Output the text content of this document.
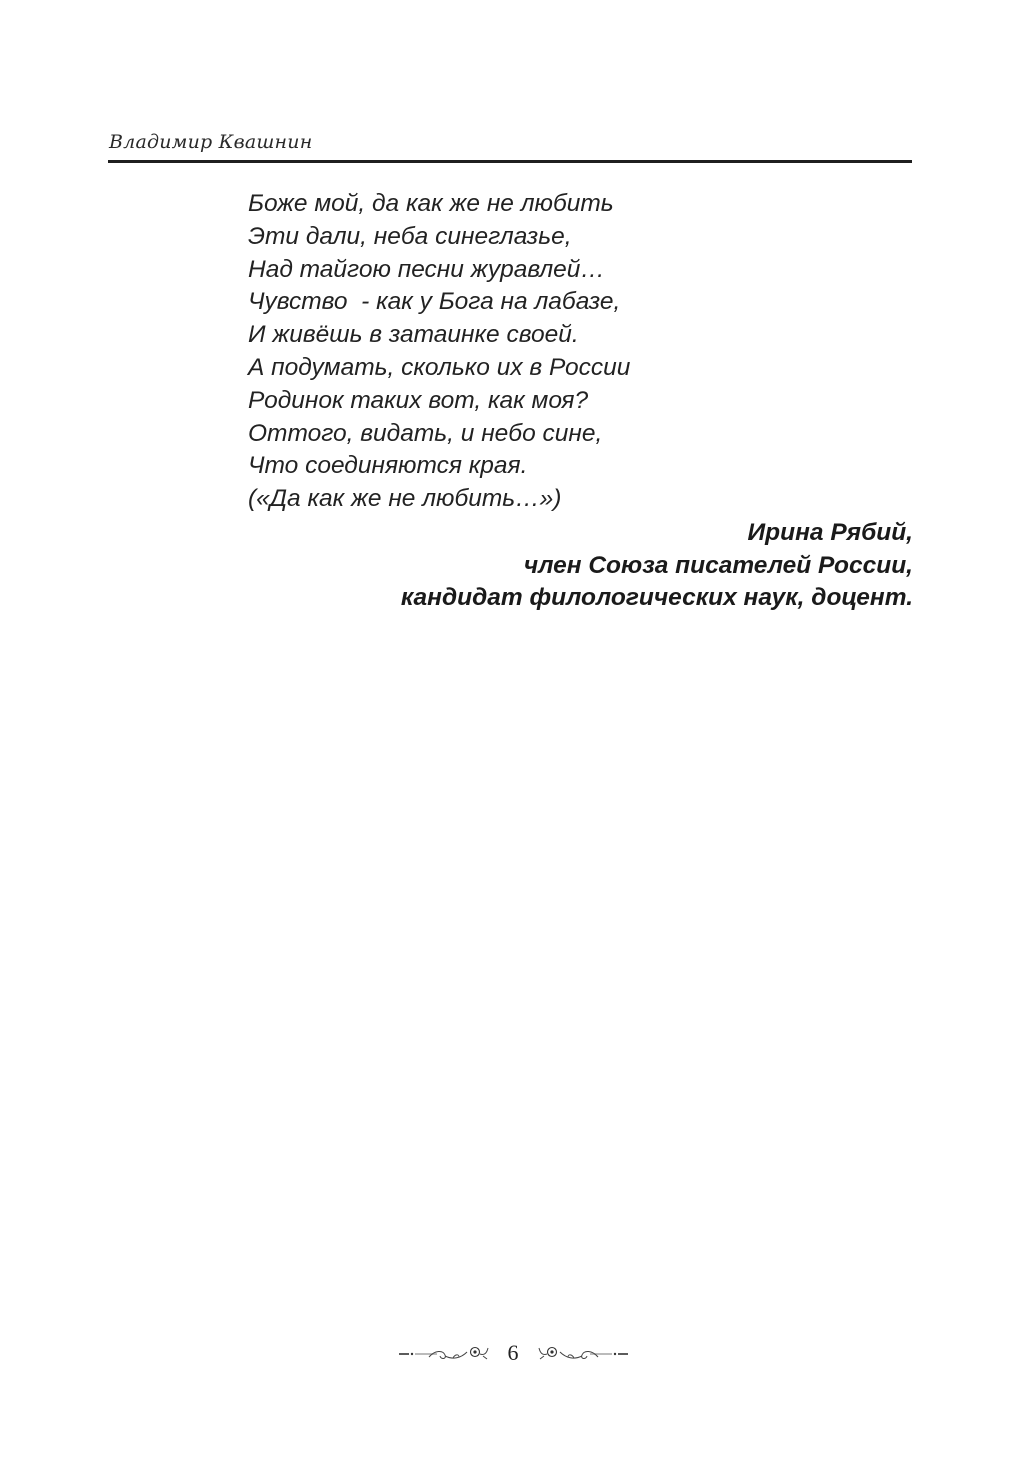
Владимир Квашнин
Боже мой, да как же не любить
Эти дали, неба синеглазье,
Над тайгою песни журавлей…
Чувство  - как у Бога на лабазе,
И живёшь в затаинке своей.
А подумать, сколько их в России
Родинок таких вот, как моя?
Оттого, видать, и небо сине,
Что соединяются края.
(«Да как же не любить…»)
Ирина Рябий,
член Союза писателей России,
кандидат филологических наук, доцент.
6
